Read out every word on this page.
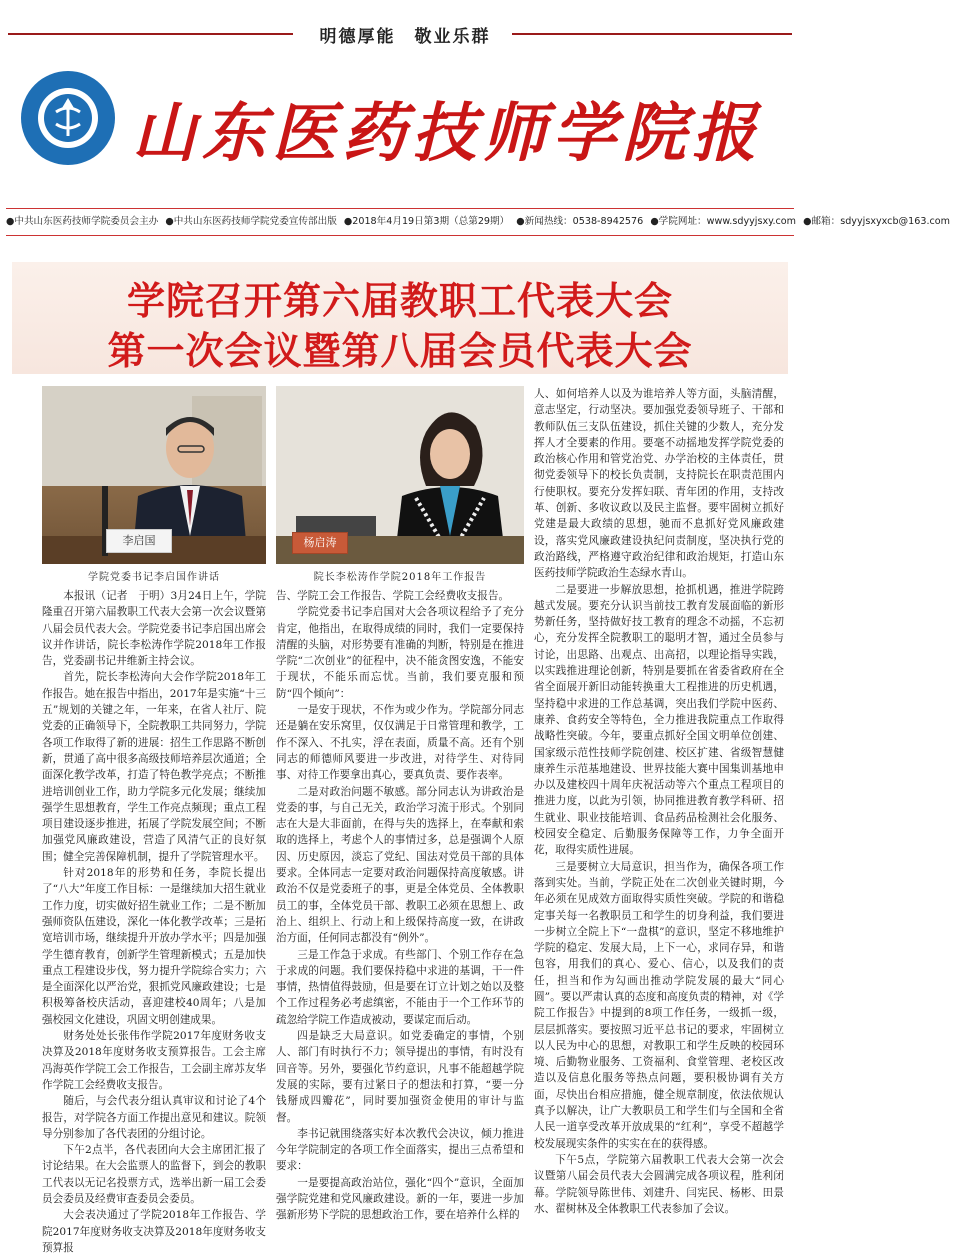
明德厚能　敬业乐群
山东医药技师学院报
●中共山东医药技师学院委员会主办 ●中共山东医药技师学院党委宣传部出版 ●2018年4月19日第3期（总第29期） ●新闻热线：0538-8942576 ●学院网址：www.sdyyjsxy.com ●邮箱：sdyyjsxyxcb@163.com
学院召开第六届教职工代表大会
第一次会议暨第八届会员代表大会
李启国
学院党委书记李启国作讲话
杨启涛
院长李松涛作学院2018年工作报告

本报讯（记者　于明）3月24日上午，学院隆重召开第六届教职工代表大会第一次会议暨第八届会员代表大会。学院党委书记李启国出席会议并作讲话，院长李松涛作学院2018年工作报告，党委副书记井维新主持会议。

首先，院长李松涛向大会作学院2018年工作报告。她在报告中指出，2017年是实施“十三五”规划的关键之年，一年来，在省人社厅、院党委的正确领导下，全院教职工共同努力，学院各项工作取得了新的进展：招生工作思路不断创新，贯通了高中很多高级技师培养层次通道；全面深化教学改革，打造了特色教学亮点；不断推进培训创业工作，助力学院多元化发展；继续加强学生思想教育，学生工作亮点频现；重点工程项目建设逐步推进，拓展了学院发展空间；不断加强党风廉政建设，营造了风清气正的良好氛围；健全完善保障机制，提升了学院管理水平。

针对2018年的形势和任务，李院长提出了“八大”年度工作目标：一是继续加大招生就业工作力度，切实做好招生就业工作；二是不断加强师资队伍建设，深化一体化教学改革；三是拓宽培训市场，继续提升开放办学水平；四是加强学生德育教育，创新学生管理新模式；五是加快重点工程建设步伐，努力提升学院综合实力；六是全面深化以严治党，狠抓党风廉政建设；七是积极筹备校庆活动，喜迎建校40周年；八是加强校园文化建设，巩固文明创建成果。

财务处处长张伟作学院2017年度财务收支决算及2018年度财务收支预算报告。工会主席冯海英作学院工会工作报告，工会副主席苏友华作学院工会经费收支报告。

随后，与会代表分组认真审议和讨论了4个报告，对学院各方面工作提出意见和建议。院领导分别参加了各代表团的分组讨论。

下午2点半，各代表团向大会主席团汇报了讨论结果。在大会监票人的监督下，到会的教职工代表以无记名投票方式，选举出新一届工会委员会委员及经费审查委员会委员。

大会表决通过了学院2018年工作报告、学院2017年度财务收支决算及2018年度财务收支预算报

告、学院工会工作报告、学院工会经费收支报告。

学院党委书记李启国对大会各项议程给予了充分肯定，他指出，在取得成绩的同时，我们一定要保持清醒的头脑，对形势要有准确的判断，特别是在推进学院“二次创业”的征程中，决不能贪图安逸，不能安于现状，不能乐而忘忧。当前，我们要克服和预防“四个倾向”：

一是安于现状，不作为或少作为。学院部分同志还是躺在安乐窝里，仅仅满足于日常管理和教学，工作不深入、不扎实，浮在表面，质量不高。还有个别同志的师德师风要进一步改进，对待学生、对待同事、对待工作要拿出真心，要真负责、要作表率。

二是对政治问题不敏感。部分同志认为讲政治是党委的事，与自己无关，政治学习流于形式。个别同志在大是大非面前，在得与失的选择上，在奉献和索取的选择上，考虑个人的事情过多，总是强调个人原因、历史原因，淡忘了党纪、国法对党员干部的具体要求。全体同志一定要对政治问题保持高度敏感。讲政治不仅是党委班子的事，更是全体党员、全体教职员工的事，全体党员干部、教职工必须在思想上、政治上、组织上、行动上和上级保持高度一致，在讲政治方面，任何同志都没有“例外”。

三是工作急于求成。有些部门、个别工作存在急于求成的问题。我们要保持稳中求进的基调，干一件事情，热情值得鼓励，但是要在订立计划之始以及整个工作过程务必考虑缜密，不能由于一个工作环节的疏忽给学院工作造成被动，要谋定而后动。

四是缺乏大局意识。如党委确定的事情，个别人、部门有时执行不力；领导提出的事情，有时没有回音等。另外，要强化节约意识，凡事不能超越学院发展的实际，要有过紧日子的想法和打算，“要一分钱掰成四瓣花”，同时要加强资金使用的审计与监督。

李书记就围绕落实好本次教代会决议，倾力推进今年学院制定的各项工作全面落实，提出三点希望和要求：

一是要提高政治站位，强化“四个”意识，全面加强学院党建和党风廉政建设。新的一年，要进一步加强新形势下学院的思想政治工作，要在培养什么样的

人、如何培养人以及为谁培养人等方面，头脑清醒，意志坚定，行动坚决。要加强党委领导班子、干部和教师队伍三支队伍建设，抓住关键的少数人，充分发挥人才全要素的作用。要毫不动摇地发挥学院党委的政治核心作用和管党治党、办学治校的主体责任，贯彻党委领导下的校长负责制，支持院长在职责范围内行使职权。要充分发挥妇联、青年团的作用，支持改革、创新、多收议政以及民主监督。要牢固树立抓好党建是最大政绩的思想，驰而不息抓好党风廉政建设，落实党风廉政建设执纪问责制度，坚决执行党的政治路线，严格遵守政治纪律和政治规矩，打造山东医药技师学院政治生态绿水青山。

二是要进一步解放思想，抢抓机遇，推进学院跨越式发展。要充分认识当前技工教育发展面临的新形势新任务，坚持做好技工教育的理念不动摇，不忘初心，充分发挥全院教职工的聪明才智，通过全员参与讨论，出思路、出观点、出高招，以理论指导实践，以实践推进理论创新，特别是要抓在省委省政府在全省全面展开新旧动能转换重大工程推进的历史机遇，坚持稳中求进的工作总基调，突出我们学院中医药、康养、食药安全等特色，全力推进我院重点工作取得战略性突破。今年，要重点抓好全国文明单位创建、国家级示范性技师学院创建、校区扩建、省级智慧健康养生示范基地建设、世界技能大赛中国集训基地申办以及建校四十周年庆祝活动等六个重点工程项目的推进力度，以此为引领，协同推进教育教学科研、招生就业、职业技能培训、食品药品检测社会化服务、校园安全稳定、后勤服务保障等工作，力争全面开花，取得实质性进展。

三是要树立大局意识，担当作为，确保各项工作落到实处。当前，学院正处在二次创业关键时期，今年必须在见成效方面取得实质性突破。学院的和谐稳定事关每一名教职员工和学生的切身利益，我们要进一步树立全院上下“一盘棋”的意识，坚定不移地维护学院的稳定、发展大局，上下一心，求同存异，和谐包容，用我们的真心、爱心、信心，以及我们的责任，担当和作为勾画出推动学院发展的最大“同心圆”。要以严肃认真的态度和高度负责的精神，对《学院工作报告》中提到的8项工作任务，一级抓一级，层层抓落实。要按照习近平总书记的要求，牢固树立以人民为中心的思想，对教职工和学生反映的校园环境、后勤物业服务、工资福利、食堂管理、老校区改造以及信息化服务等热点问题，要积极协调有关方面，尽快出台相应措施，健全规章制度，依法依规认真予以解决，让广大教职员工和学生们与全国和全省人民一道享受改革开放成果的“红利”，享受不超越学校发展现实条件的实实在在的获得感。

下午5点，学院第六届教职工代表大会第一次会议暨第八届会员代表大会圆满完成各项议程，胜利闭幕。学院领导陈世伟、刘建升、闫宪民、杨彬、田景水、翟树林及全体教职工代表参加了会议。
